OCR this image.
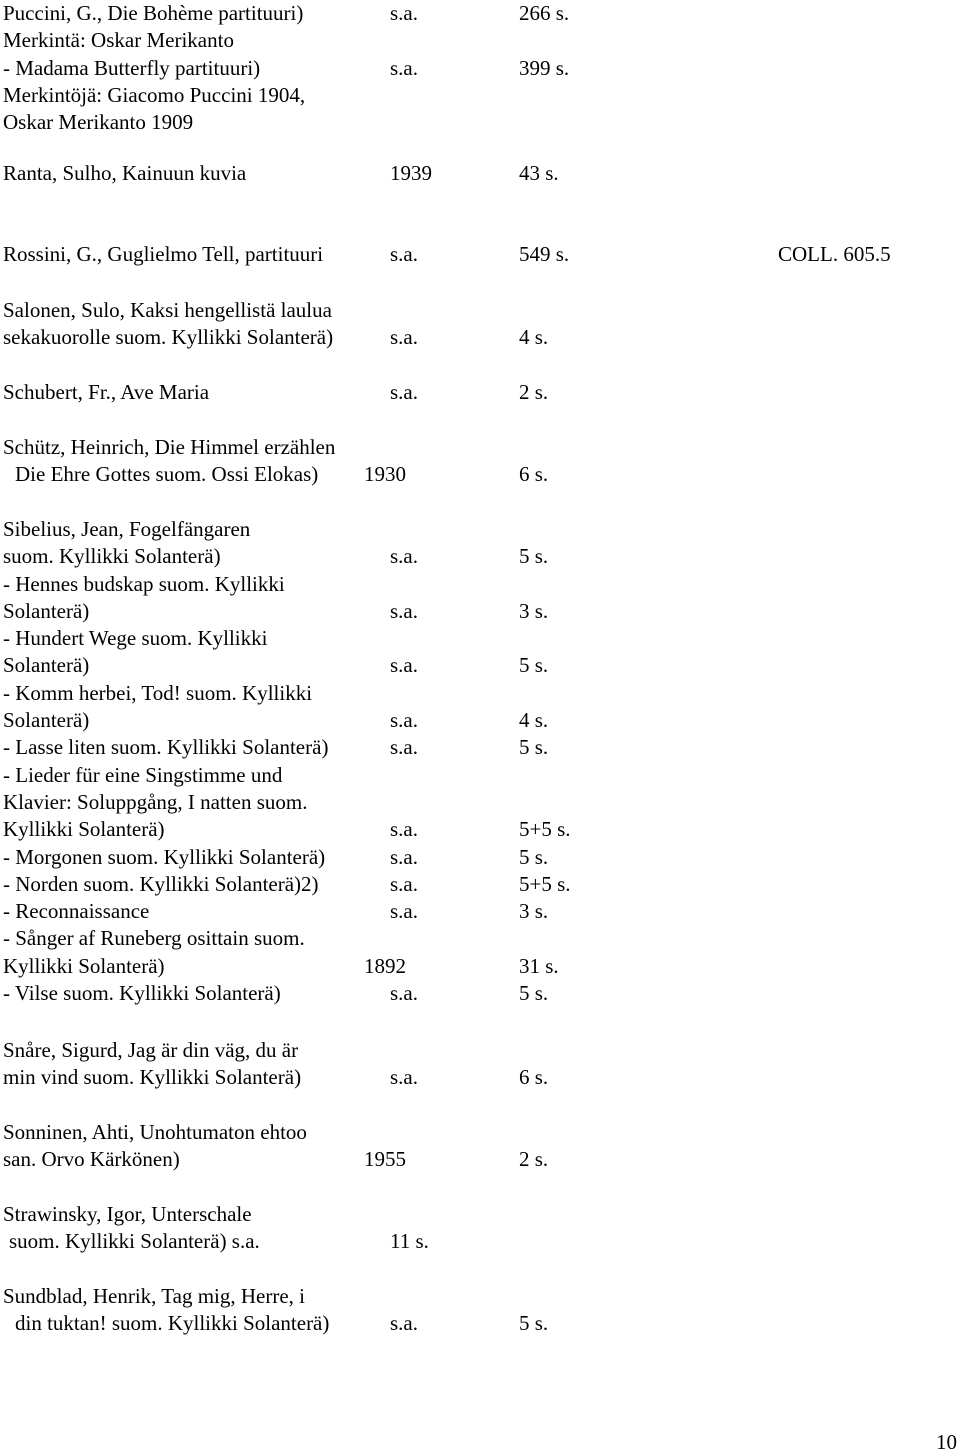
Puccini, G., Die Bohème partituuri)	s.a.	266 s.
Merkintä: Oskar Merikanto
- Madama Butterfly partituuri)	s.a.	399 s.
Merkintöjä: Giacomo Puccini 1904,
Oskar Merikanto 1909
Ranta, Sulho, Kainuun kuvia	1939	43 s.
Rossini, G., Guglielmo Tell, partituuri	s.a.	549 s.	COLL. 605.5
Salonen, Sulo, Kaksi hengellistä laulua
sekakuorolle suom. Kyllikki Solanterä)	s.a.	4 s.
Schubert, Fr., Ave Maria	s.a.	2 s.
Schütz, Heinrich, Die Himmel erzählen
Die Ehre Gottes suom. Ossi Elokas) 1930	6 s.
Sibelius, Jean, Fogelfängaren
suom. Kyllikki Solanterä)	s.a.	5 s.
- Hennes budskap suom. Kyllikki
Solanterä)	s.a.	3 s.
- Hundert Wege suom. Kyllikki
Solanterä)	s.a.	5 s.
- Komm herbei, Tod! suom. Kyllikki
Solanterä)	s.a.	4 s.
- Lasse liten suom. Kyllikki Solanterä)	s.a.	5 s.
- Lieder für eine Singstimme und
Klavier: Soluppgång, I natten suom.
Kyllikki Solanterä)	s.a.	5+5 s.
- Morgonen suom. Kyllikki Solanterä)	s.a.	5 s.
- Norden suom. Kyllikki Solanterä)2)	s.a.	5+5 s.
- Reconnaissance	s.a.	3 s.
- Sånger af Runeberg osittain suom.
Kyllikki Solanterä)	1892	31 s.
- Vilse suom. Kyllikki Solanterä)	s.a.	5 s.
Snåre, Sigurd, Jag är din väg, du är
min vind suom. Kyllikki Solanterä)	s.a.	6 s.
Sonninen, Ahti, Unohtumaton ehtoo
san. Orvo Kärkönen)	1955	2 s.
Strawinsky, Igor, Unterschale
suom. Kyllikki Solanterä) s.a.	11 s.
Sundblad, Henrik, Tag mig, Herre, i
din tuktan! suom. Kyllikki Solanterä)	s.a.	5 s.
10
